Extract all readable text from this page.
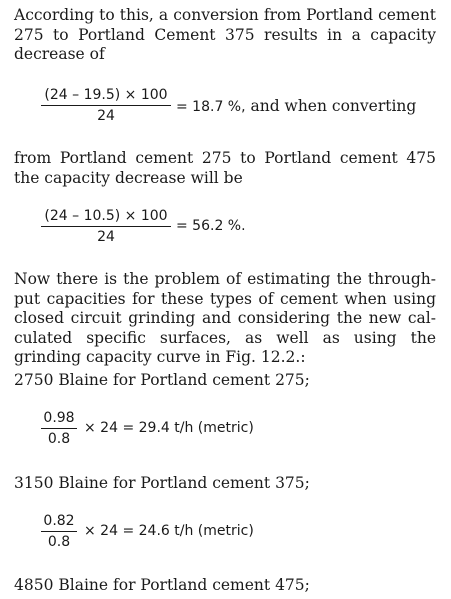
According to this, a conversion from Portland cement 275 to Portland Cement 375 results in a capacity decrease of

(24 – 19.5) × 100
24
= 18.7 %, and when converting

from Portland cement 275 to Portland cement 475 the capacity decrease will be

(24 – 10.5) × 100
24
= 56.2 %.

Now there is the problem of estimating the through-put capacities for these types of cement when using closed circuit grinding and considering the new cal-culated specific surfaces, as well as using the grinding capacity curve in Fig. 12.2.:

2750 Blaine for Portland cement 275;

0.98
0.8
× 24 = 29.4 t/h (metric)

3150 Blaine for Portland cement 375;

0.82
0.8
× 24 = 24.6 t/h (metric)

4850 Blaine for Portland cement 475;
